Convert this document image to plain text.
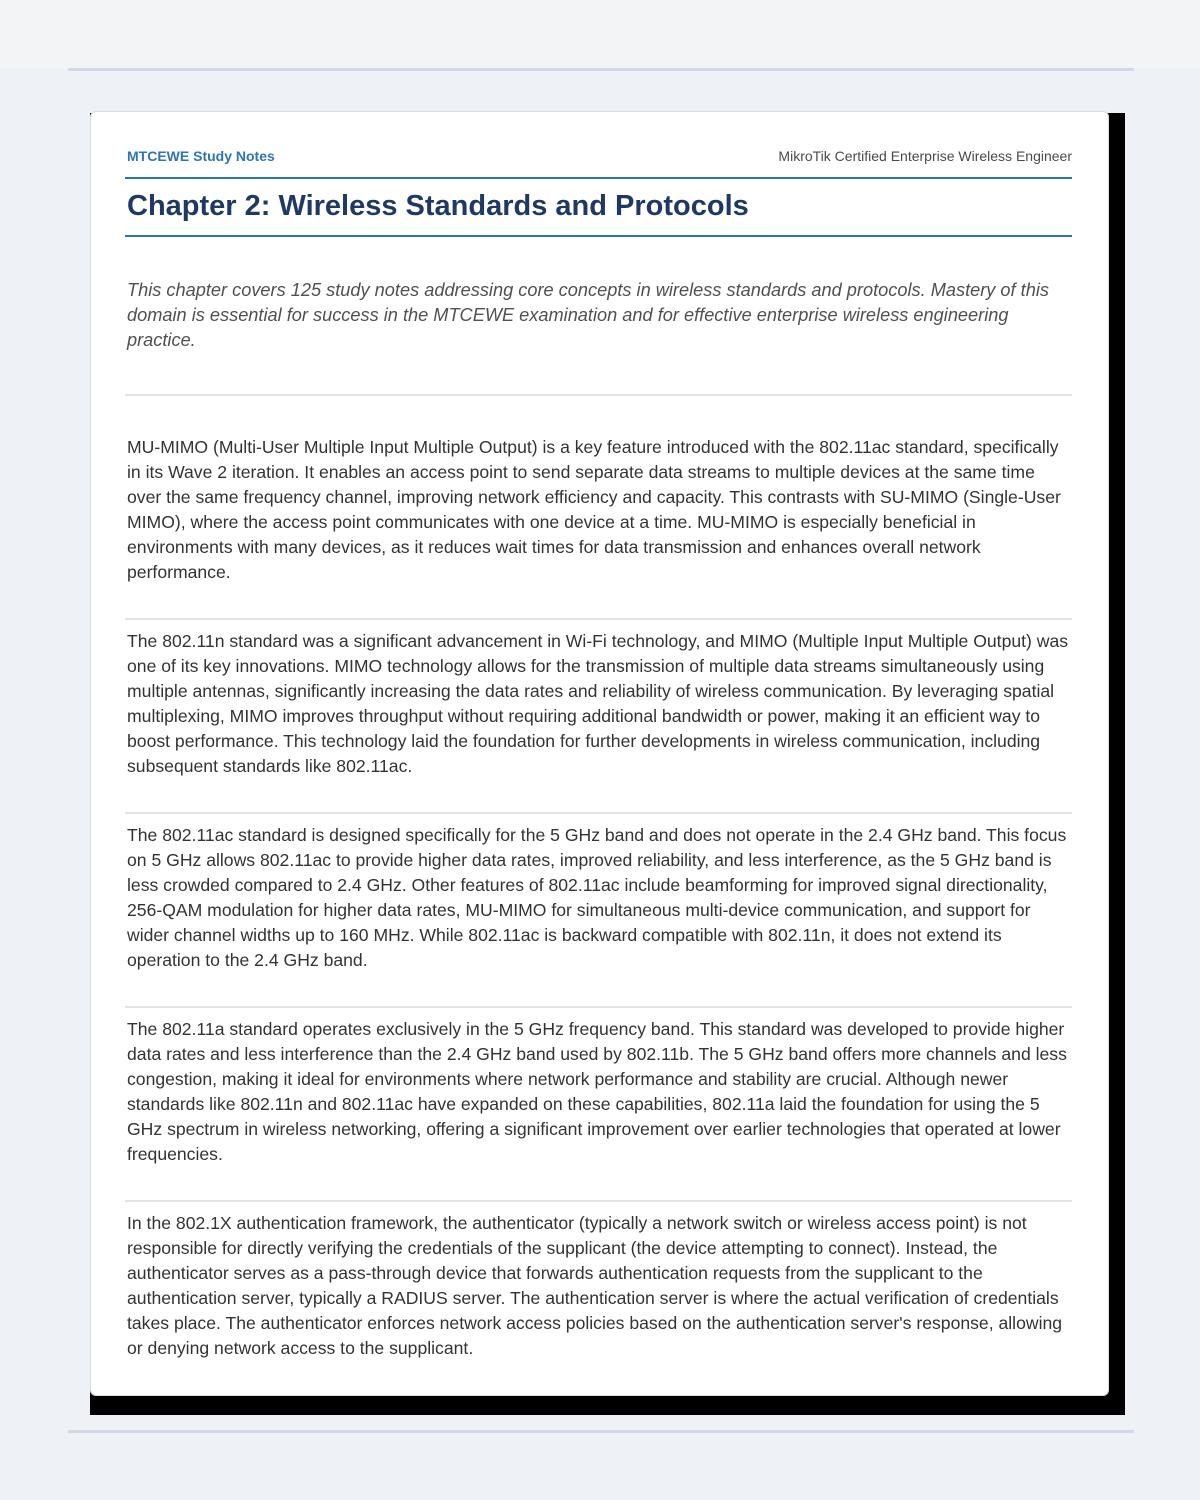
MTCEWE Study Notes	MikroTik Certified Enterprise Wireless Engineer
Chapter 2: Wireless Standards and Protocols

This chapter covers 125 study notes addressing core concepts in wireless standards and protocols. Mastery of this domain is essential for success in the MTCEWE examination and for effective enterprise wireless engineering practice.

MU-MIMO (Multi-User Multiple Input Multiple Output) is a key feature introduced with the 802.11ac standard, specifically in its Wave 2 iteration. It enables an access point to send separate data streams to multiple devices at the same time over the same frequency channel, improving network efficiency and capacity. This contrasts with SU-MIMO (Single-User MIMO), where the access point communicates with one device at a time. MU-MIMO is especially beneficial in environments with many devices, as it reduces wait times for data transmission and enhances overall network performance.

The 802.11n standard was a significant advancement in Wi-Fi technology, and MIMO (Multiple Input Multiple Output) was one of its key innovations. MIMO technology allows for the transmission of multiple data streams simultaneously using multiple antennas, significantly increasing the data rates and reliability of wireless communication. By leveraging spatial multiplexing, MIMO improves throughput without requiring additional bandwidth or power, making it an efficient way to boost performance. This technology laid the foundation for further developments in wireless communication, including subsequent standards like 802.11ac.

The 802.11ac standard is designed specifically for the 5 GHz band and does not operate in the 2.4 GHz band. This focus on 5 GHz allows 802.11ac to provide higher data rates, improved reliability, and less interference, as the 5 GHz band is less crowded compared to 2.4 GHz. Other features of 802.11ac include beamforming for improved signal directionality, 256-QAM modulation for higher data rates, MU-MIMO for simultaneous multi-device communication, and support for wider channel widths up to 160 MHz. While 802.11ac is backward compatible with 802.11n, it does not extend its operation to the 2.4 GHz band.

The 802.11a standard operates exclusively in the 5 GHz frequency band. This standard was developed to provide higher data rates and less interference than the 2.4 GHz band used by 802.11b. The 5 GHz band offers more channels and less congestion, making it ideal for environments where network performance and stability are crucial. Although newer standards like 802.11n and 802.11ac have expanded on these capabilities, 802.11a laid the foundation for using the 5 GHz spectrum in wireless networking, offering a significant improvement over earlier technologies that operated at lower frequencies.

In the 802.1X authentication framework, the authenticator (typically a network switch or wireless access point) is not responsible for directly verifying the credentials of the supplicant (the device attempting to connect). Instead, the authenticator serves as a pass-through device that forwards authentication requests from the supplicant to the authentication server, typically a RADIUS server. The authentication server is where the actual verification of credentials takes place. The authenticator enforces network access policies based on the authentication server's response, allowing or denying network access to the supplicant.
